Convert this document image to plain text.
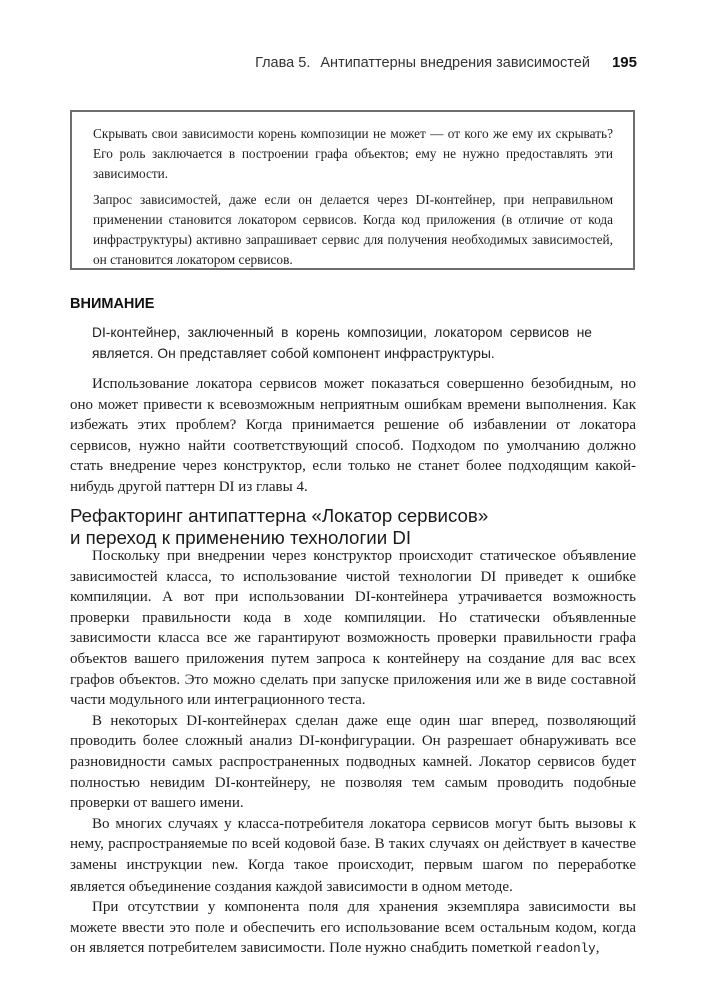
Глава 5. Антипаттерны внедрения зависимостей 195

Скрывать свои зависимости корень композиции не может — от кого же ему их скрывать? Его роль заключается в построении графа объектов; ему не нужно предоставлять эти зависимости.

Запрос зависимостей, даже если он делается через DI-контейнер, при неправильном применении становится локатором сервисов. Когда код приложения (в отличие от кода инфраструктуры) активно запрашивает сервис для получения необходимых зависимостей, он становится локатором сервисов.

ВНИМАНИЕ
DI-контейнер, заключенный в корень композиции, локатором сервисов не является. Он представляет собой компонент инфраструктуры.

Использование локатора сервисов может показаться совершенно безобидным, но оно может привести к всевозможным неприятным ошибкам времени выполнения. Как избежать этих проблем? Когда принимается решение об избавлении от локатора сервисов, нужно найти соответствующий способ. Подходом по умолчанию должно стать внедрение через конструктор, если только не станет более подходящим какой-нибудь другой паттерн DI из главы 4.

Рефакторинг антипаттерна «Локатор сервисов»
и переход к применению технологии DI

Поскольку при внедрении через конструктор происходит статическое объявление зависимостей класса, то использование чистой технологии DI приведет к ошибке компиляции. А вот при использовании DI-контейнера утрачивается возможность проверки правильности кода в ходе компиляции. Но статически объявленные зависимости класса все же гарантируют возможность проверки правильности графа объектов вашего приложения путем запроса к контейнеру на создание для вас всех графов объектов. Это можно сделать при запуске приложения или же в виде составной части модульного или интеграционного теста.

В некоторых DI-контейнерах сделан даже еще один шаг вперед, позволяющий проводить более сложный анализ DI-конфигурации. Он разрешает обнаруживать все разновидности самых распространенных подводных камней. Локатор сервисов будет полностью невидим DI-контейнеру, не позволяя тем самым проводить подобные проверки от вашего имени.

Во многих случаях у класса-потребителя локатора сервисов могут быть вызовы к нему, распространяемые по всей кодовой базе. В таких случаях он действует в качестве замены инструкции new. Когда такое происходит, первым шагом по переработке является объединение создания каждой зависимости в одном методе.

При отсутствии у компонента поля для хранения экземпляра зависимости вы можете ввести это поле и обеспечить его использование всем остальным кодом, когда он является потребителем зависимости. Поле нужно снабдить пометкой readonly,
